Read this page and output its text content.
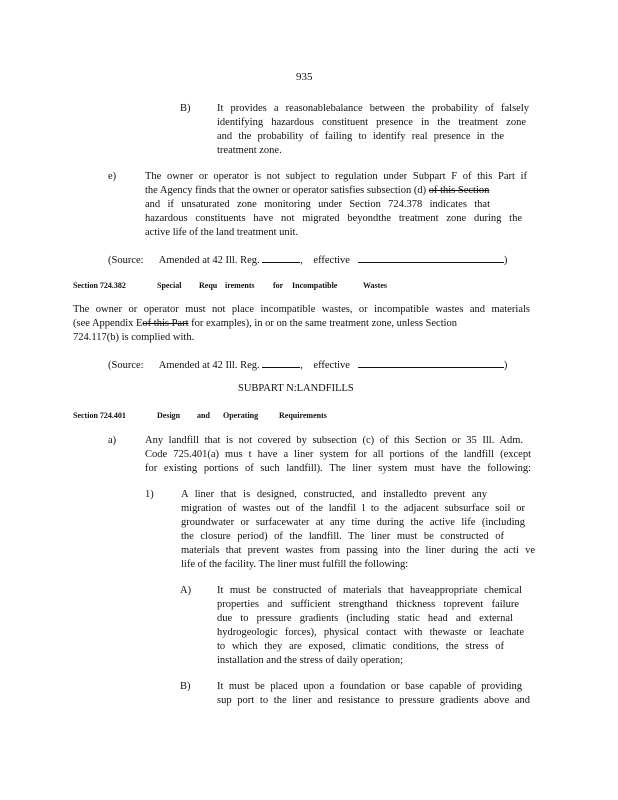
935
B)	It provides a reasonablebalance between the probability of falsely
identifying hazardous constituent presence in the treatment zone
and the probability of failing to identify real presence in the
treatment zone.
e)	The owner or operator is not subject to regulation under Subpart F of this Part if
the Agency finds that the owner or operator satisfies subsection (d) of this Section
and if unsaturated zone monitoring under Section 724.378 indicates that
hazardous constituents have not migrated beyondthe treatment zone during the
active life of the land treatment unit.
(Source: Amended at 42 Ill. Reg.	, effective	)
Section 724.382	Special Requ irements for Incompatible	Wastes
The owner or operator must not place incompatible wastes, or incompatible wastes and materials
(see Appendix Eof this Part for examples), in or on the same treatment zone, unless Section
724.117(b) is complied with.
(Source: Amended at 42 Ill. Reg.	, effective	)
SUBPART N:LANDFILLS
Section 724.401	Design and Operating	Requirements
a)	Any landfill that is not covered by subsection (c) of this Section or 35 Ill. Adm.
Code 725.401(a) mus t have a liner system for all portions of the landfill (except
for existing portions of such landfill). The liner system must have the following:
1)	A liner that is designed, constructed, and installedto prevent any
migration of wastes out of the landfil l to the adjacent subsurface soil or
groundwater or surfacewater at any time during the active life (including
the closure period) of the landfill. The liner must be constructed of
materials that prevent wastes from passing into the liner during the acti ve
life of the facility. The liner must fulfill the following:
A) It must be constructed of materials that haveappropriate chemical
properties and sufficient strengthand thickness toprevent failure
due to pressure gradients (including static head and external
hydrogeologic forces), physical contact with thewaste or leachate
to which they are exposed, climatic conditions, the stress of
installation and the stress of daily operation;
B)	It must be placed upon a foundation or base capable of providing
sup port to the liner and resistance to pressure gradients above and
